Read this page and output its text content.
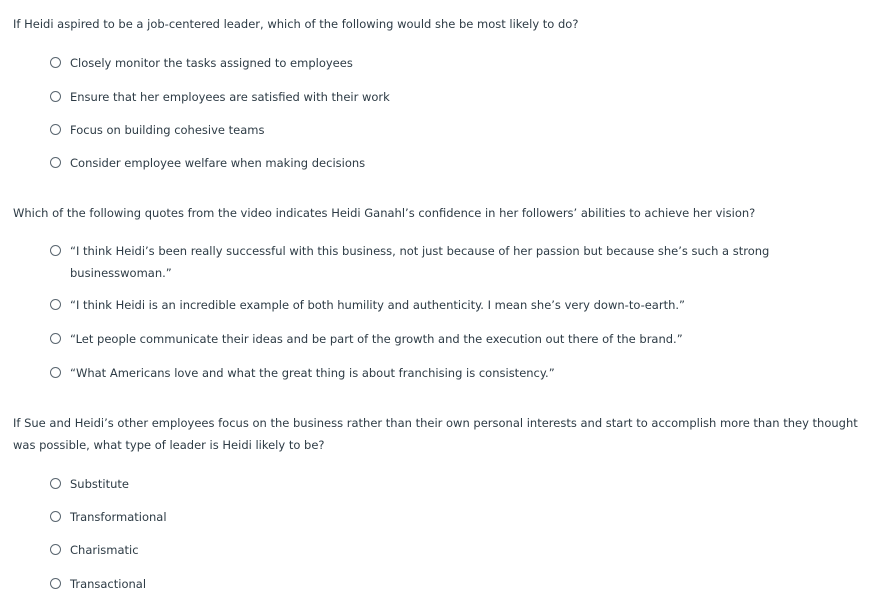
If Heidi aspired to be a job-centered leader, which of the following would she be most likely to do?

Closely monitor the tasks assigned to employees
Ensure that her employees are satisfied with their work
Focus on building cohesive teams
Consider employee welfare when making decisions

Which of the following quotes from the video indicates Heidi Ganahl’s confidence in her followers’ abilities to achieve her vision?

“I think Heidi’s been really successful with this business, not just because of her passion but because she’s such a strong businesswoman.”
“I think Heidi is an incredible example of both humility and authenticity. I mean she’s very down-to-earth.”
“Let people communicate their ideas and be part of the growth and the execution out there of the brand.”
“What Americans love and what the great thing is about franchising is consistency.”

If Sue and Heidi’s other employees focus on the business rather than their own personal interests and start to accomplish more than they thought was possible, what type of leader is Heidi likely to be?

Substitute
Transformational
Charismatic
Transactional
